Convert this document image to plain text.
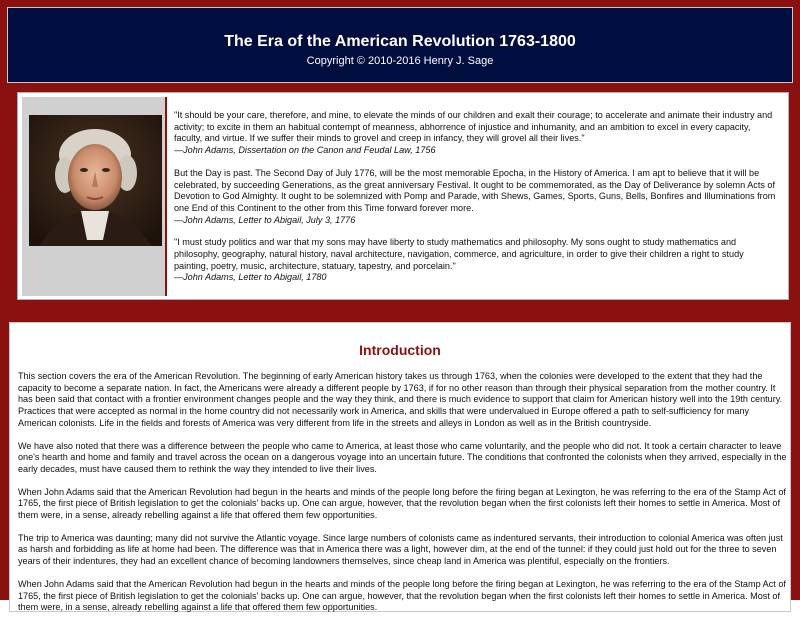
The Era of the American Revolution 1763-1800
Copyright © 2010-2016 Henry J. Sage

"It should be your care, therefore, and mine, to elevate the minds of our children and exalt their courage; to accelerate and animate their industry and activity; to excite in them an habitual contempt of meanness, abhorrence of injustice and inhumanity, and an ambition to excel in every capacity, faculty, and virtue. If we suffer their minds to grovel and creep in infancy, they will grovel all their lives."
—John Adams, Dissertation on the Canon and Feudal Law, 1756

But the Day is past. The Second Day of July 1776, will be the most memorable Epocha, in the History of America. I am apt to believe that it will be celebrated, by succeeding Generations, as the great anniversary Festival. It ought to be commemorated, as the Day of Deliverance by solemn Acts of Devotion to God Almighty. It ought to be solemnized with Pomp and Parade, with Shews, Games, Sports, Guns, Bells, Bonfires and Illuminations from one End of this Continent to the other from this Time forward forever more.
—John Adams, Letter to Abigail, July 3, 1776

"I must study politics and war that my sons may have liberty to study mathematics and philosophy. My sons ought to study mathematics and philosophy, geography, natural history, naval architecture, navigation, commerce, and agriculture, in order to give their children a right to study painting, poetry, music, architecture, statuary, tapestry, and porcelain."
—John Adams, Letter to Abigail, 1780

Introduction

This section covers the era of the American Revolution. The beginning of early American history takes us through 1763, when the colonies were developed to the extent that they had the capacity to become a separate nation. In fact, the Americans were already a different people by 1763, if for no other reason than through their physical separation from the mother country. It has been said that contact with a frontier environment changes people and the way they think, and there is much evidence to support that claim for American history well into the 19th century. Practices that were accepted as normal in the home country did not necessarily work in America, and skills that were undervalued in Europe offered a path to self-sufficiency for many American colonists. Life in the fields and forests of America was very different from life in the streets and alleys in London as well as in the British countryside.

We have also noted that there was a difference between the people who came to America, at least those who came voluntarily, and the people who did not. It took a certain character to leave one's hearth and home and family and travel across the ocean on a dangerous voyage into an uncertain future. The conditions that confronted the colonists when they arrived, especially in the early decades, must have caused them to rethink the way they intended to live their lives.

When John Adams said that the American Revolution had begun in the hearts and minds of the people long before the firing began at Lexington, he was referring to the era of the Stamp Act of 1765, the first piece of British legislation to get the colonials' backs up. One can argue, however, that the revolution began when the first colonists left their homes to settle in America. Most of them were, in a sense, already rebelling against a life that offered them few opportunities.

The trip to America was daunting; many did not survive the Atlantic voyage. Since large numbers of colonists came as indentured servants, their introduction to colonial America was often just as harsh and forbidding as life at home had been. The difference was that in America there was a light, however dim, at the end of the tunnel: if they could just hold out for the three to seven years of their indentures, they had an excellent chance of becoming landowners themselves, since cheap land in America was plentiful, especially on the frontiers.

When John Adams said that the American Revolution had begun in the hearts and minds of the people long before the firing began at Lexington, he was referring to the era of the Stamp Act of 1765, the first piece of British legislation to get the colonials' backs up. One can argue, however, that the revolution began when the first colonists left their homes to settle in America. Most of them were, in a sense, already rebelling against a life that offered them few opportunities.
